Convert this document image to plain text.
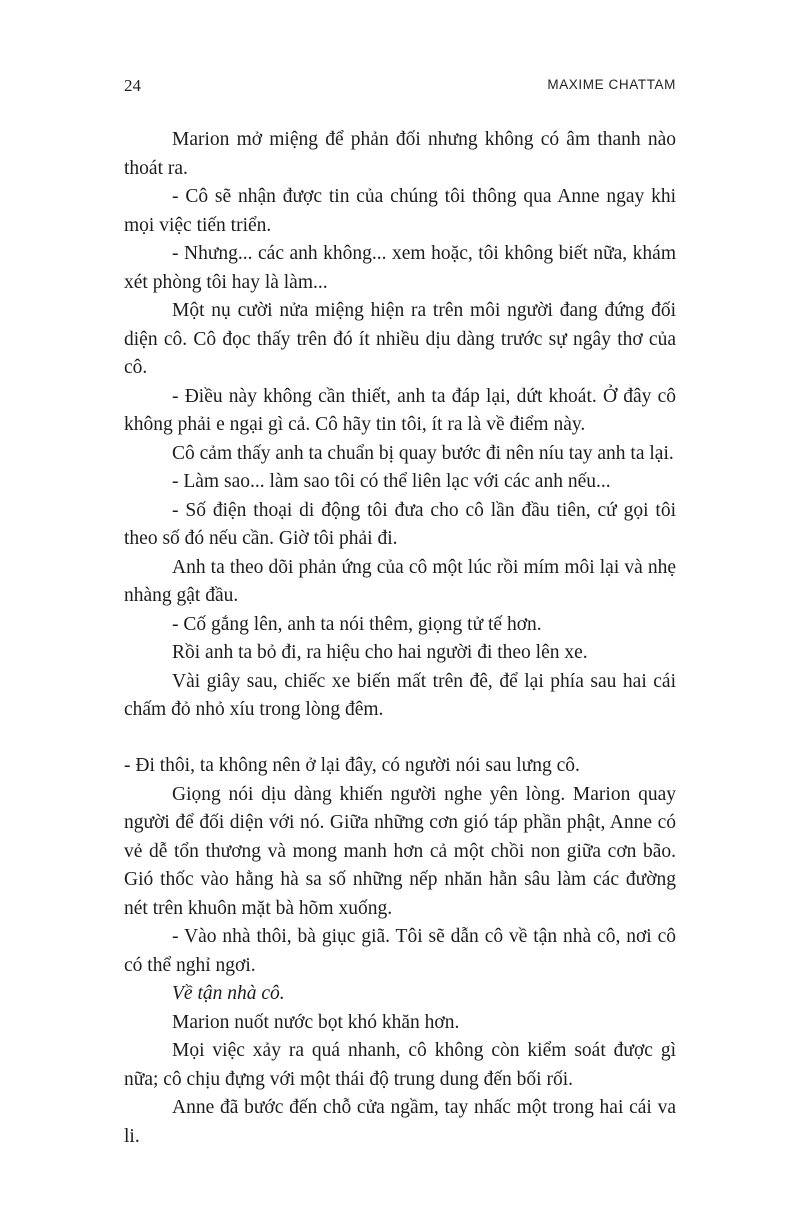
24	MAXIME CHATTAM

Marion mở miệng để phản đối nhưng không có âm thanh nào thoát ra.

- Cô sẽ nhận được tin của chúng tôi thông qua Anne ngay khi mọi việc tiến triển.

- Nhưng... các anh không... xem hoặc, tôi không biết nữa, khám xét phòng tôi hay là làm...

Một nụ cười nửa miệng hiện ra trên môi người đang đứng đối diện cô. Cô đọc thấy trên đó ít nhiều dịu dàng trước sự ngây thơ của cô.

- Điều này không cần thiết, anh ta đáp lại, dứt khoát. Ở đây cô không phải e ngại gì cả. Cô hãy tin tôi, ít ra là về điểm này.

Cô cảm thấy anh ta chuẩn bị quay bước đi nên níu tay anh ta lại.

- Làm sao... làm sao tôi có thể liên lạc với các anh nếu...

- Số điện thoại di động tôi đưa cho cô lần đầu tiên, cứ gọi tôi theo số đó nếu cần. Giờ tôi phải đi.

Anh ta theo dõi phản ứng của cô một lúc rồi mím môi lại và nhẹ nhàng gật đầu.

- Cố gắng lên, anh ta nói thêm, giọng tử tế hơn.

Rồi anh ta bỏ đi, ra hiệu cho hai người đi theo lên xe.

Vài giây sau, chiếc xe biến mất trên đê, để lại phía sau hai cái chấm đỏ nhỏ xíu trong lòng đêm.

- Đi thôi, ta không nên ở lại đây, có người nói sau lưng cô.

Giọng nói dịu dàng khiến người nghe yên lòng. Marion quay người để đối diện với nó. Giữa những cơn gió táp phần phật, Anne có vẻ dễ tổn thương và mong manh hơn cả một chồi non giữa cơn bão. Gió thốc vào hằng hà sa số những nếp nhăn hằn sâu làm các đường nét trên khuôn mặt bà hõm xuống.

- Vào nhà thôi, bà giục giã. Tôi sẽ dẫn cô về tận nhà cô, nơi cô có thể nghỉ ngơi.

Về tận nhà cô.

Marion nuốt nước bọt khó khăn hơn.

Mọi việc xảy ra quá nhanh, cô không còn kiểm soát được gì nữa; cô chịu đựng với một thái độ trung dung đến bối rối.

Anne đã bước đến chỗ cửa ngầm, tay nhấc một trong hai cái va li.
